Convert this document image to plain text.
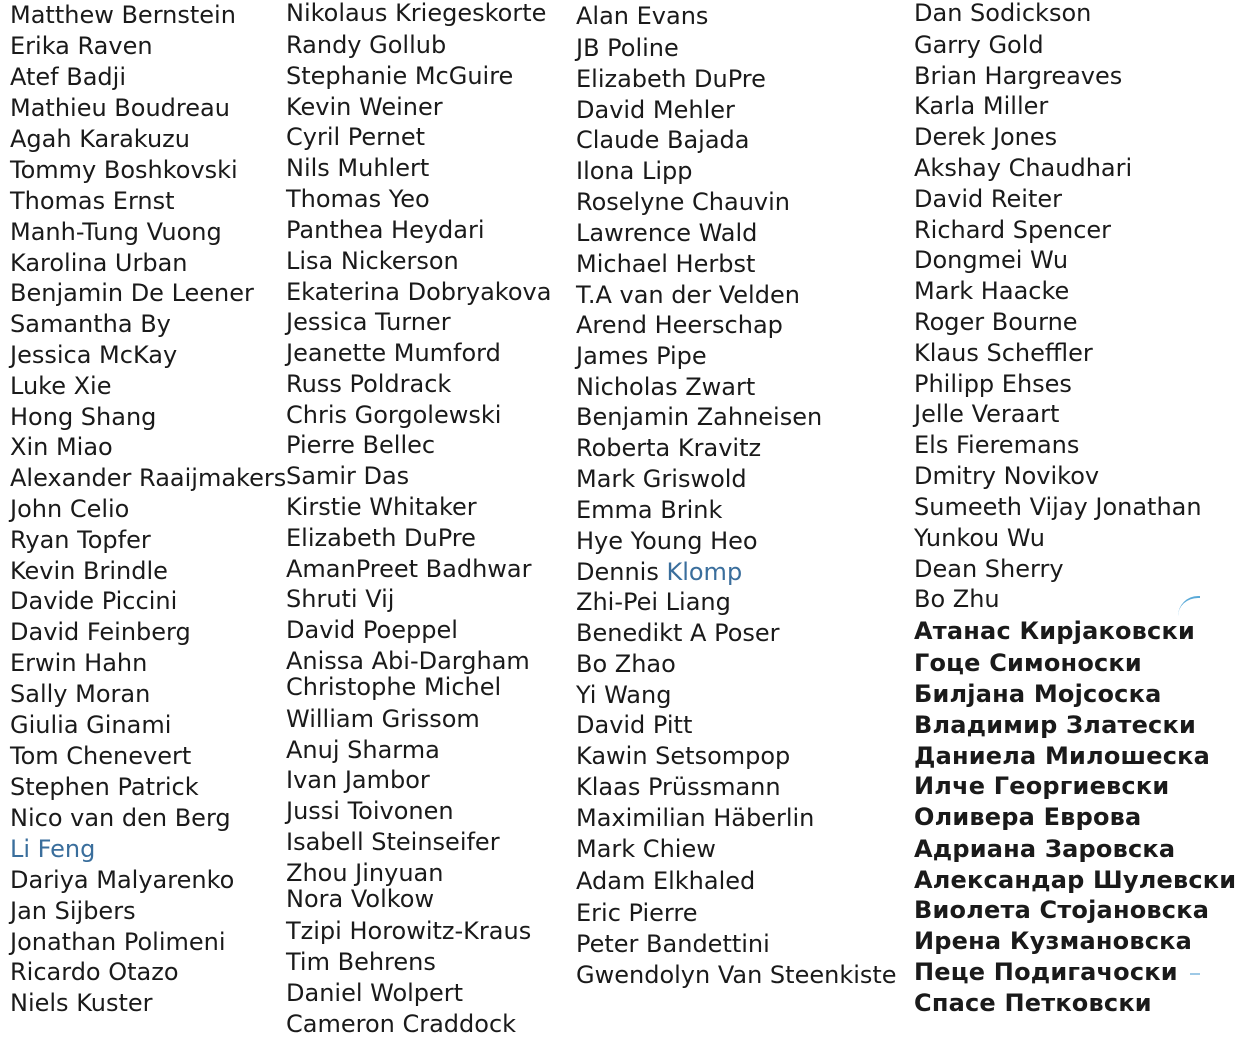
Matthew Bernstein
Erika Raven
Atef Badji
Mathieu Boudreau
Agah Karakuzu
Tommy Boshkovski
Thomas Ernst
Manh-Tung Vuong
Karolina Urban
Benjamin De Leener
Samantha By
Jessica McKay
Luke Xie
Hong Shang
Xin Miao
Alexander Raaijmakers
John Celio
Ryan Topfer
Kevin Brindle
Davide Piccini
David Feinberg
Erwin Hahn
Sally Moran
Giulia Ginami
Tom Chenevert
Stephen Patrick
Nico van den Berg
Li Feng
Dariya Malyarenko
Jan Sijbers
Jonathan Polimeni
Ricardo Otazo
Niels Kuster
Nikolaus Kriegeskorte
Randy Gollub
Stephanie McGuire
Kevin Weiner
Cyril Pernet
Nils Muhlert
Thomas Yeo
Panthea Heydari
Lisa Nickerson
Ekaterina Dobryakova
Jessica Turner
Jeanette Mumford
Russ Poldrack
Chris Gorgolewski
Pierre Bellec
Samir Das
Kirstie Whitaker
Elizabeth DuPre
AmanPreet Badhwar
Shruti Vij
David Poeppel
Anissa Abi-Dargham
Christophe Michel
William Grissom
Anuj Sharma
Ivan Jambor
Jussi Toivonen
Isabell Steinseifer
Zhou Jinyuan
Nora Volkow
Tzipi Horowitz-Kraus
Tim Behrens
Daniel Wolpert
Cameron Craddock
Alan Evans
JB Poline
Elizabeth DuPre
David Mehler
Claude Bajada
Ilona Lipp
Roselyne Chauvin
Lawrence Wald
Michael Herbst
T.A van der Velden
Arend Heerschap
James Pipe
Nicholas Zwart
Benjamin Zahneisen
Roberta Kravitz
Mark Griswold
Emma Brink
Hye Young Heo
Dennis Klomp
Zhi-Pei Liang
Benedikt A Poser
Bo Zhao
Yi Wang
David Pitt
Kawin Setsompop
Klaas Prüssmann
Maximilian Häberlin
Mark Chiew
Adam Elkhaled
Eric Pierre
Peter Bandettini
Gwendolyn Van Steenkiste
Dan Sodickson
Garry Gold
Brian Hargreaves
Karla Miller
Derek Jones
Akshay Chaudhari
David Reiter
Richard Spencer
Dongmei Wu
Mark Haacke
Roger Bourne
Klaus Scheffler
Philipp Ehses
Jelle Veraart
Els Fieremans
Dmitry Novikov
Sumeeth Vijay Jonathan
Yunkou Wu
Dean Sherry
Bo Zhu
Атанас Кирјаковски
Гоце Симоноски
Билјана Мојсоска
Владимир Златески
Даниела Милошеска
Илче Георгиевски
Оливера Еврова
Адриана Заровска
Александар Шулевски
Виолета Стојановска
Ирена Кузмановска
Пеце Подигачоски
Спасе Петковски
